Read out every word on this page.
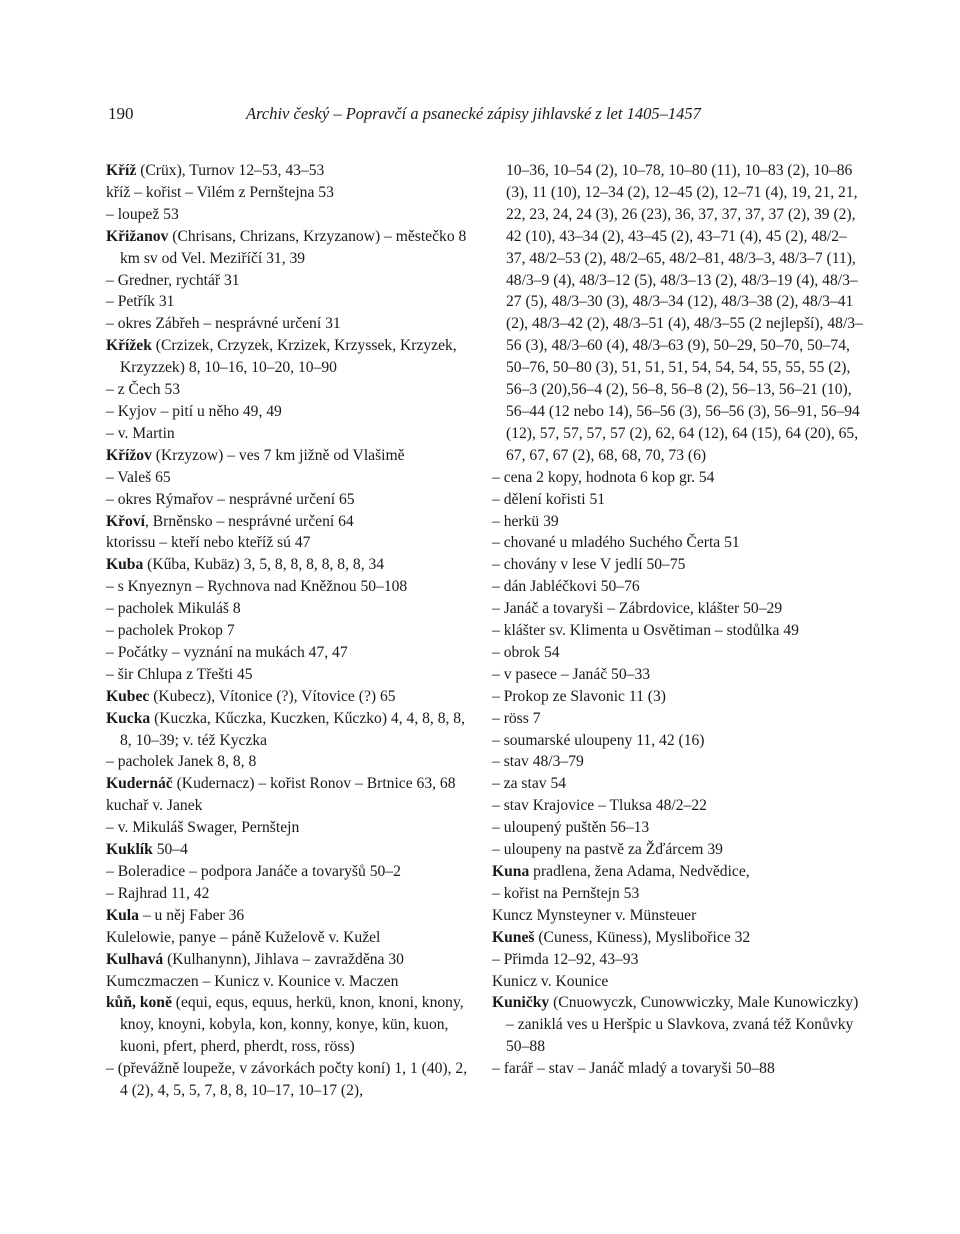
190	Archiv český – Popravčí a psanecké zápisy jihlavské z let 1405–1457

Kříž (Crüx), Turnov 12–53, 43–53

kříž – kořist – Vilém z Pernštejna 53

– loupež 53

Křižanov (Chrisans, Chrizans, Krzyzanow) – městečko 8 km sv od Vel. Meziříčí 31, 39

– Gredner, rychtář 31

– Petřík 31

– okres Zábřeh – nesprávné určení 31

Křížek (Crzizek, Crzyzek, Krzizek, Krzyssek, Krzyzek, Krzyzzek) 8, 10–16, 10–20, 10–90

– z Čech 53

– Kyjov – pití u něho 49, 49

– v. Martin

Křížov (Krzyzow) – ves 7 km jižně od Vlašimě

– Valeš 65

– okres Rýmařov – nesprávné určení 65

Křoví, Brněnsko – nesprávné určení 64

ktorissu – kteří nebo kteříž sú 47

Kuba (Kűba, Kubäz) 3, 5, 8, 8, 8, 8, 8, 8, 34

– s Knyeznyn – Rychnova nad Kněžnou 50–108

– pacholek Mikuláš 8

– pacholek Prokop 7

– Počátky – vyznání na mukách 47, 47

– šir Chlupa z Třešti 45

Kubec (Kubecz), Vítonice (?), Vítovice (?) 65

Kucka (Kuczka, Kűczka, Kuczken, Kűczko) 4, 4, 8, 8, 8, 8, 10–39; v. též Kyczka

– pacholek Janek 8, 8, 8

Kudernáč (Kudernacz) – kořist Ronov – Brtnice 63, 68

kuchař v. Janek

– v. Mikuláš Swager, Pernštejn

Kuklík 50–4

– Boleradice – podpora Janáče a tovaryšů 50–2

– Rajhrad 11, 42

Kula – u něj Faber 36

Kulelowie, panye – páně Kuželově v. Kužel

Kulhavá (Kulhanynn), Jihlava – zavražděna 30

Kumczmaczen – Kunicz v. Kounice v. Maczen

kůň, koně (equi, equs, equus, herkü, knon, knoni, knony, knoy, knoyni, kobyla, kon, konny, konye, kün, kuon, kuoni, pfert, pherd, pherdt, ross, röss)

– (převážně loupeže, v závorkách počty koní) 1, 1 (40), 2, 4 (2), 4, 5, 5, 7, 8, 8, 10–17, 10–17 (2),

10–36, 10–54 (2), 10–78, 10–80 (11), 10–83 (2), 10–86 (3), 11 (10), 12–34 (2), 12–45 (2), 12–71 (4), 19, 21, 21, 22, 23, 24, 24 (3), 26 (23), 36, 37, 37, 37, 37 (2), 39 (2), 42 (10), 43–34 (2), 43–45 (2), 43–71 (4), 45 (2), 48/2–37, 48/2–53 (2), 48/2–65, 48/2–81, 48/3–3, 48/3–7 (11), 48/3–9 (4), 48/3–12 (5), 48/3–13 (2), 48/3–19 (4), 48/3–27 (5), 48/3–30 (3), 48/3–34 (12), 48/3–38 (2), 48/3–41 (2), 48/3–42 (2), 48/3–51 (4), 48/3–55 (2 nejlepší), 48/3–56 (3), 48/3–60 (4), 48/3–63 (9), 50–29, 50–70, 50–74, 50–76, 50–80 (3), 51, 51, 51, 54, 54, 54, 55, 55, 55 (2), 56–3 (20),56–4 (2), 56–8, 56–8 (2), 56–13, 56–21 (10), 56–44 (12 nebo 14), 56–56 (3), 56–56 (3), 56–91, 56–94 (12), 57, 57, 57, 57 (2), 62, 64 (12), 64 (15), 64 (20), 65, 67, 67, 67 (2), 68, 68, 70, 73 (6)

– cena 2 kopy, hodnota 6 kop gr. 54

– dělení kořisti 51

– herkü 39

– chované u mladého Suchého Čerta 51

– chovány v lese V jedlí 50–75

– dán Jabléčkovi 50–76

– Janáč a tovaryši – Zábrdovice, klášter 50–29

– klášter sv. Klimenta u Osvětiman – stodůlka 49

– obrok 54

– v pasece – Janáč 50–33

– Prokop ze Slavonic 11 (3)

– röss 7

– soumarské uloupeny 11, 42 (16)

– stav 48/3–79

– za stav 54

– stav Krajovice – Tluksa 48/2–22

– uloupený puštěn 56–13

– uloupeny na pastvě za Žďárcem 39

Kuna pradlena, žena Adama, Nedvědice,

– kořist na Pernštejn 53

Kuncz Mynsteyner v. Münsteuer

Kuneš (Cuness, Küness), Myslibořice 32

– Přimda 12–92, 43–93

Kunicz v. Kounice

Kuničky (Cnuowyczk, Cunowwiczky, Male Kunowiczky) – zaniklá ves u Heršpic u Slavkova, zvaná též Konůvky 50–88

– farář – stav – Janáč mladý a tovaryši 50–88
